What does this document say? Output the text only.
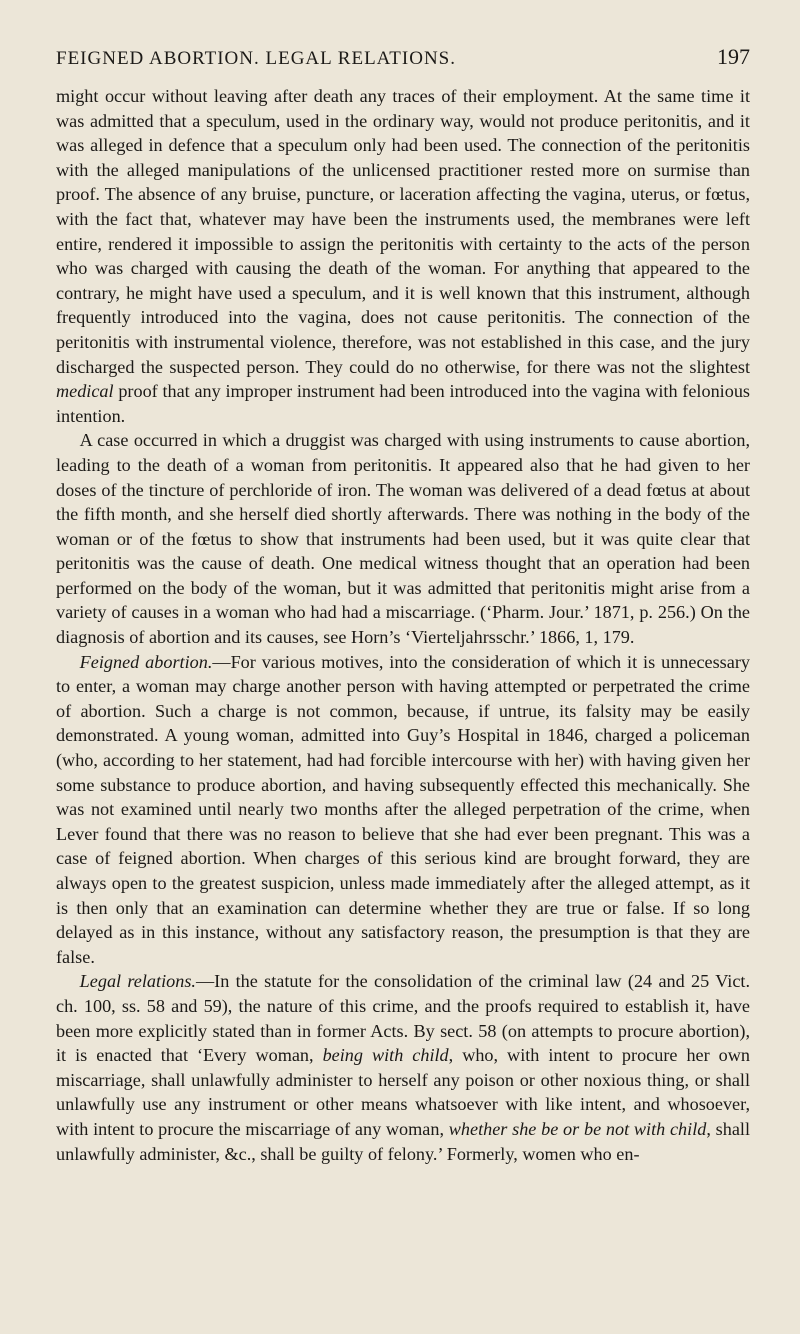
FEIGNED ABORTION. LEGAL RELATIONS.	197

might occur without leaving after death any traces of their employment. At the same time it was admitted that a speculum, used in the ordinary way, would not produce peritonitis, and it was alleged in defence that a speculum only had been used. The connection of the peritonitis with the alleged manipulations of the unlicensed practitioner rested more on surmise than proof. The absence of any bruise, puncture, or laceration affecting the vagina, uterus, or fœtus, with the fact that, whatever may have been the instruments used, the membranes were left entire, rendered it impossible to assign the peritonitis with certainty to the acts of the person who was charged with causing the death of the woman. For anything that appeared to the contrary, he might have used a speculum, and it is well known that this instrument, although frequently introduced into the vagina, does not cause peritonitis. The connection of the peritonitis with instrumental violence, therefore, was not established in this case, and the jury discharged the suspected person. They could do no otherwise, for there was not the slightest medical proof that any improper instrument had been introduced into the vagina with felonious intention.

A case occurred in which a druggist was charged with using instruments to cause abortion, leading to the death of a woman from peritonitis. It appeared also that he had given to her doses of the tincture of perchloride of iron. The woman was delivered of a dead fœtus at about the fifth month, and she herself died shortly afterwards. There was nothing in the body of the woman or of the fœtus to show that instruments had been used, but it was quite clear that peritonitis was the cause of death. One medical witness thought that an operation had been performed on the body of the woman, but it was admitted that peritonitis might arise from a variety of causes in a woman who had had a miscarriage. (‘Pharm. Jour.’ 1871, p. 256.) On the diagnosis of abortion and its causes, see Horn’s ‘Vierteljahrsschr.’ 1866, 1, 179.

Feigned abortion.—For various motives, into the consideration of which it is unnecessary to enter, a woman may charge another person with having attempted or perpetrated the crime of abortion. Such a charge is not common, because, if untrue, its falsity may be easily demonstrated. A young woman, admitted into Guy’s Hospital in 1846, charged a policeman (who, according to her statement, had had forcible intercourse with her) with having given her some substance to produce abortion, and having subsequently effected this mechanically. She was not examined until nearly two months after the alleged perpetration of the crime, when Lever found that there was no reason to believe that she had ever been pregnant. This was a case of feigned abortion. When charges of this serious kind are brought forward, they are always open to the greatest suspicion, unless made immediately after the alleged attempt, as it is then only that an examination can determine whether they are true or false. If so long delayed as in this instance, without any satisfactory reason, the presumption is that they are false.

Legal relations.—In the statute for the consolidation of the criminal law (24 and 25 Vict. ch. 100, ss. 58 and 59), the nature of this crime, and the proofs required to establish it, have been more explicitly stated than in former Acts. By sect. 58 (on attempts to procure abortion), it is enacted that ‘Every woman, being with child, who, with intent to procure her own miscarriage, shall unlawfully administer to herself any poison or other noxious thing, or shall unlawfully use any instrument or other means whatsoever with like intent, and whosoever, with intent to procure the miscarriage of any woman, whether she be or be not with child, shall unlawfully administer, &c., shall be guilty of felony.’ Formerly, women who en-
